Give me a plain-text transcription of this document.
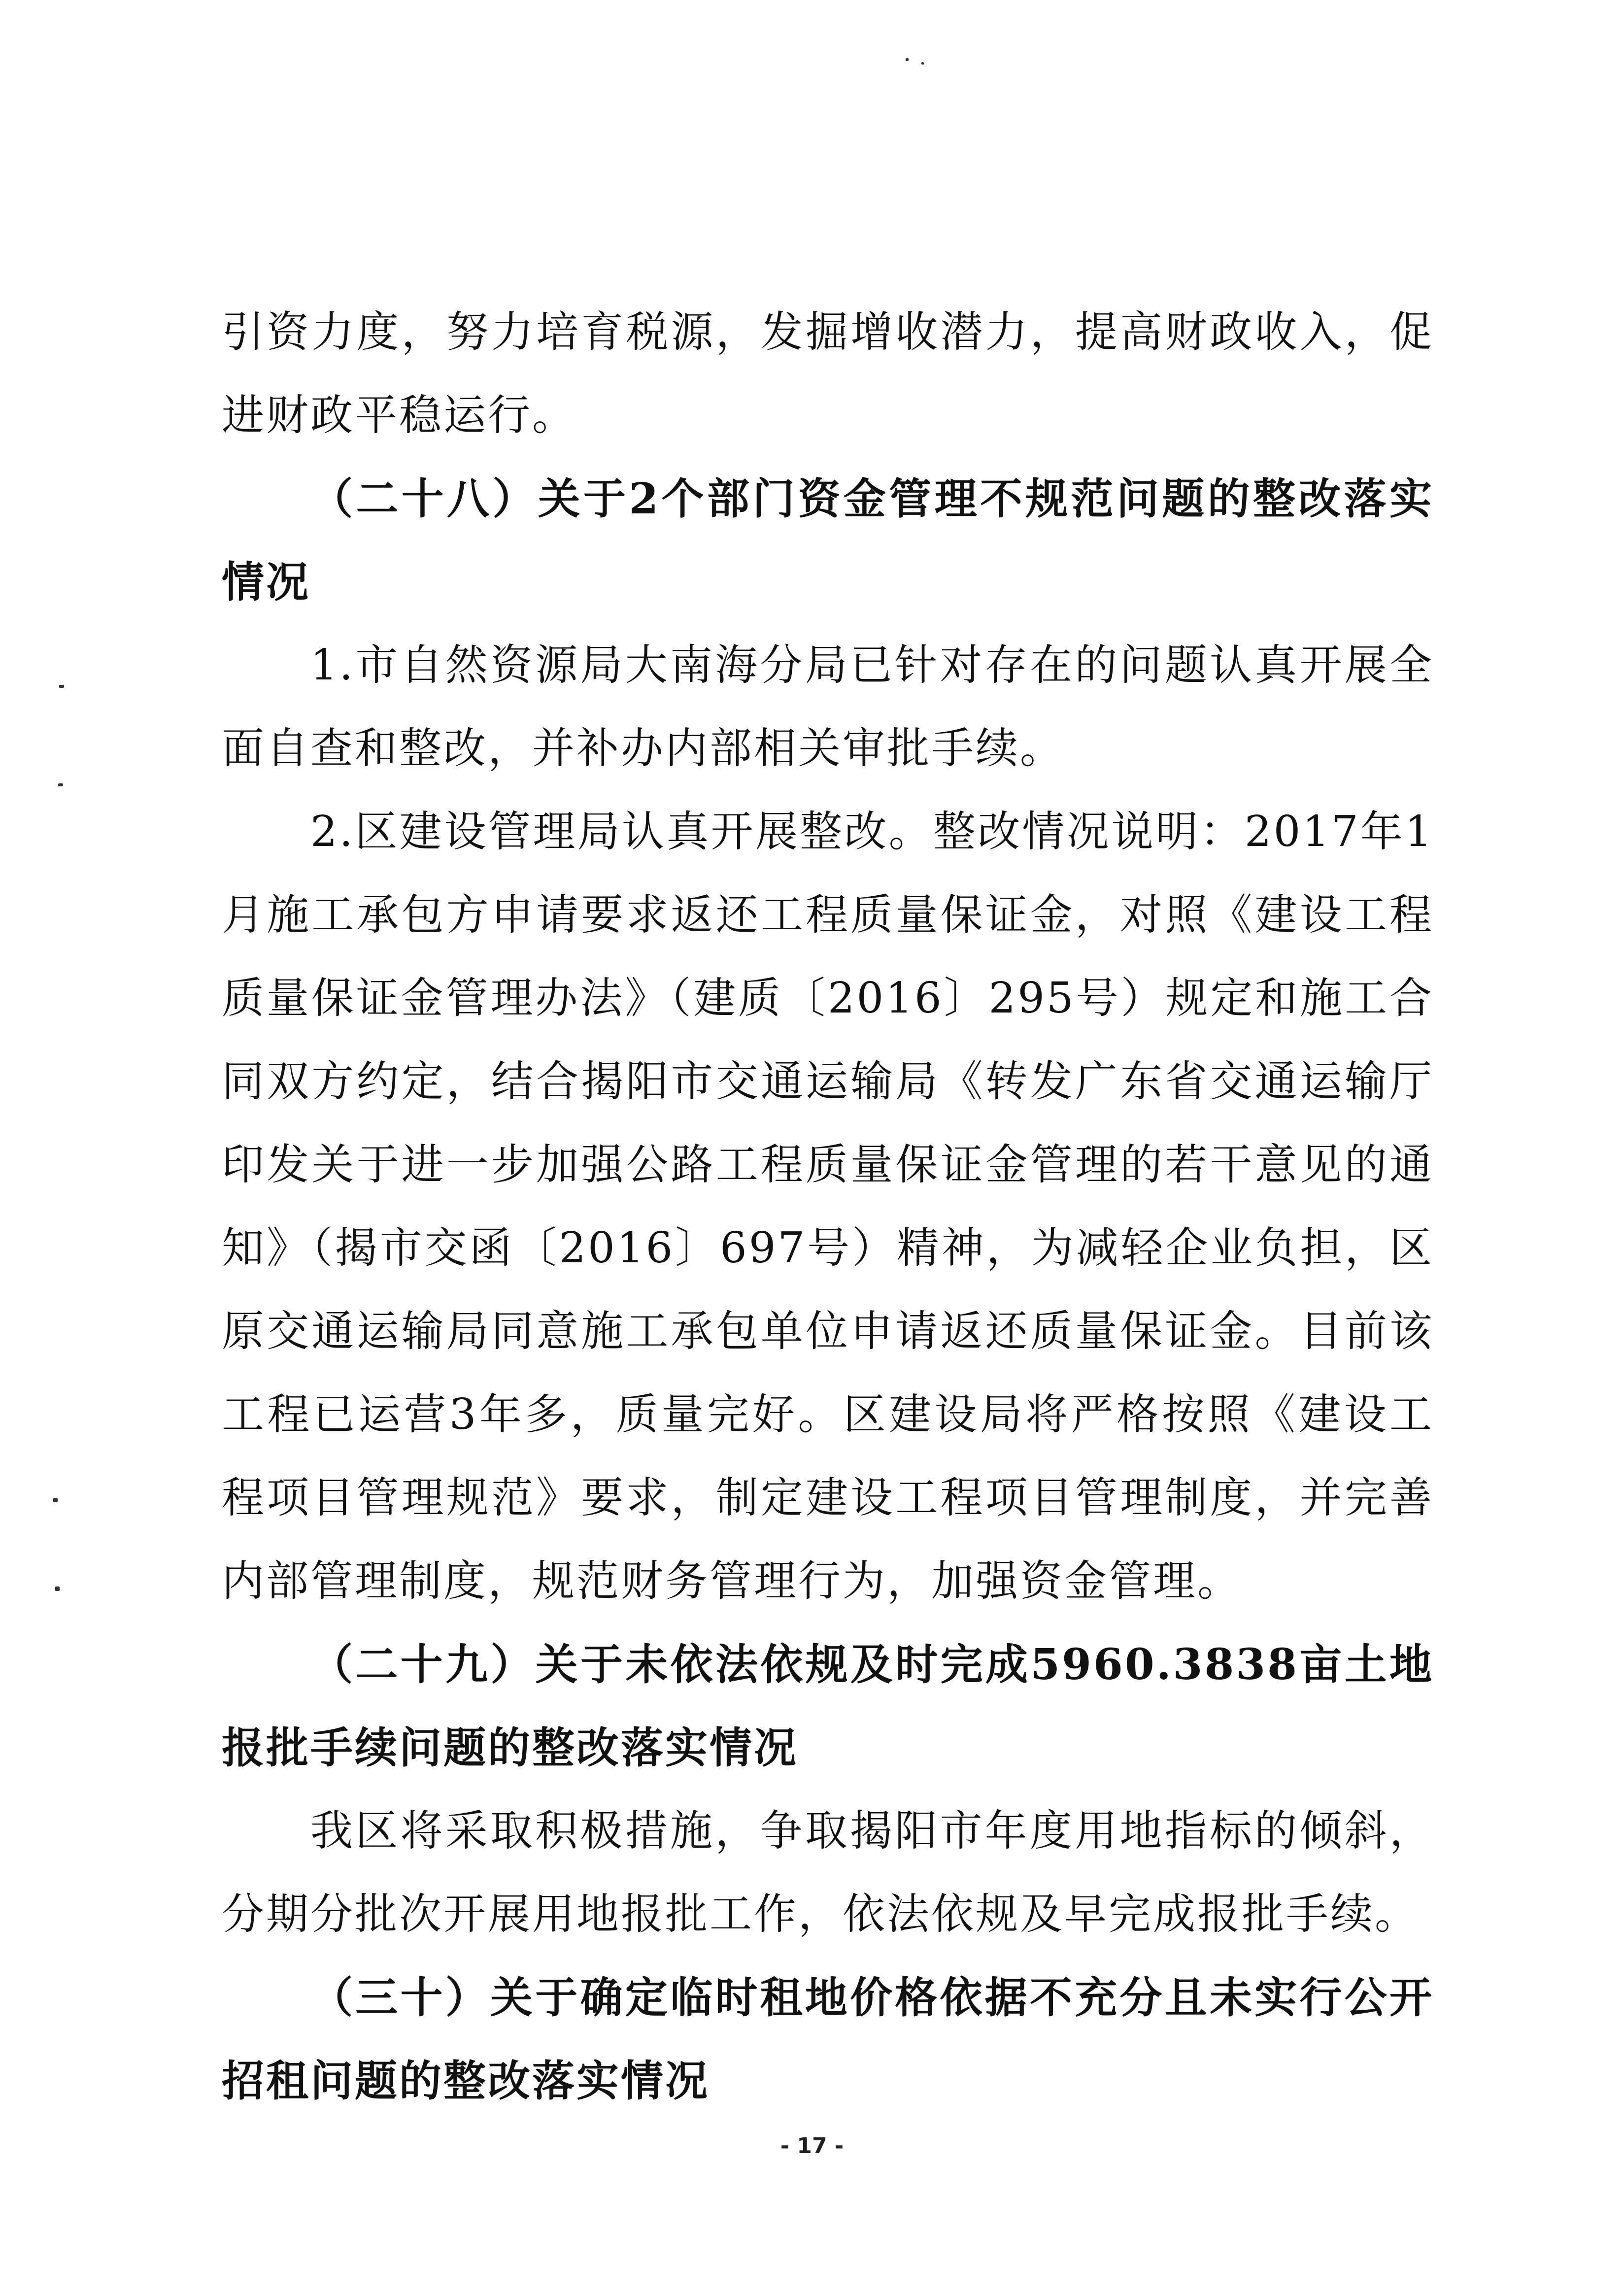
引资力度，努力培育税源，发掘增收潜力，提高财政收入，促进财政平稳运行。

（二十八）关于2个部门资金管理不规范问题的整改落实情况

1.市自然资源局大南海分局已针对存在的问题认真开展全面自查和整改，并补办内部相关审批手续。

2.区建设管理局认真开展整改。整改情况说明：2017年1月施工承包方申请要求返还工程质量保证金，对照《建设工程质量保证金管理办法》（建质〔2016〕295号）规定和施工合同双方约定，结合揭阳市交通运输局《转发广东省交通运输厅印发关于进一步加强公路工程质量保证金管理的若干意见的通知》（揭市交函〔2016〕697号）精神，为减轻企业负担，区原交通运输局同意施工承包单位申请返还质量保证金。目前该工程已运营3年多，质量完好。区建设局将严格按照《建设工程项目管理规范》要求，制定建设工程项目管理制度，并完善内部管理制度，规范财务管理行为，加强资金管理。

（二十九）关于未依法依规及时完成5960.3838亩土地报批手续问题的整改落实情况

我区将采取积极措施，争取揭阳市年度用地指标的倾斜，分期分批次开展用地报批工作，依法依规及早完成报批手续。

（三十）关于确定临时租地价格依据不充分且未实行公开招租问题的整改落实情况

- 17 -
